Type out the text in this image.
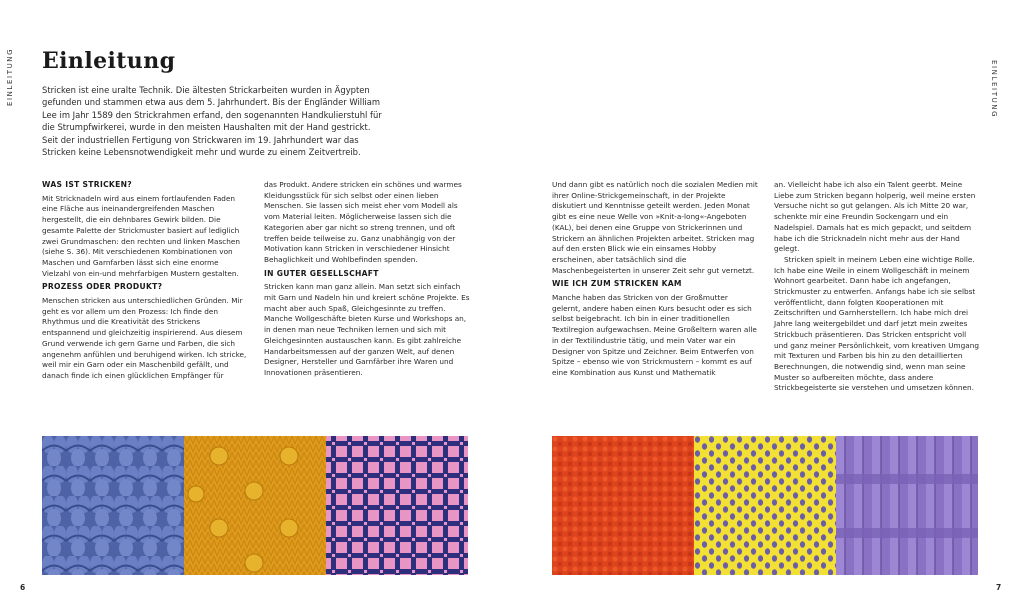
EINLEITUNG Einleitung

Stricken ist eine uralte Technik. Die ältesten Strickarbeiten wurden in Ägypten gefunden und stammen etwa aus dem 5. Jahrhundert. Bis der Engländer William Lee im Jahr 1589 den Strickrahmen erfand, den sogenannten Handkulierstuhl für die Strumpfwirkerei, wurde in den meisten Haushalten mit der Hand gestrickt. Seit der industriellen Fertigung von Strickwaren im 19. Jahrhundert war das Stricken keine Lebensnotwendigkeit mehr und wurde zu einem Zeitvertreib.

WAS IST STRICKEN?

Mit Stricknadeln wird aus einem fortlaufenden Faden eine Fläche aus ineinandergreifenden Maschen hergestellt, die ein dehnbares Gewirk bilden. Die gesamte Palette der Strickmuster basiert auf lediglich zwei Grundmaschen: den rechten und linken Maschen (siehe S. 36). Mit verschiedenen Kombinationen von Maschen und Garnfarben lässt sich eine enorme Vielzahl von ein-und mehrfarbigen Mustern gestalten.

PROZESS ODER PRODUKT?

Menschen stricken aus unterschiedlichen Gründen. Mir geht es vor allem um den Prozess: Ich finde den Rhythmus und die Kreativität des Strickens entspannend und gleichzeitig inspirierend. Aus diesem Grund verwende ich gern Garne und Farben, die sich angenehm anfühlen und beruhigend wirken. Ich stricke, weil mir ein Garn oder ein Maschenbild gefällt, und danach finde ich einen glücklichen Empfänger für

das Produkt. Andere stricken ein schönes und warmes Kleidungsstück für sich selbst oder einen lieben Menschen. Sie lassen sich meist eher vom Modell als vom Material leiten. Möglicherweise lassen sich die Kategorien aber gar nicht so streng trennen, und oft treffen beide teilweise zu. Ganz unabhängig von der Motivation kann Stricken in verschiedener Hinsicht Behaglichkeit und Wohlbefinden spenden.

IN GUTER GESELLSCHAFT

Stricken kann man ganz allein. Man setzt sich einfach mit Garn und Nadeln hin und kreiert schöne Projekte. Es macht aber auch Spaß, Gleichgesinnte zu treffen. Manche Wollgeschäfte bieten Kurse und Workshops an, in denen man neue Techniken lernen und sich mit Gleichgesinnten austauschen kann. Es gibt zahlreiche Handarbeitsmessen auf der ganzen Welt, auf denen Designer, Hersteller und Garnfärber ihre Waren und Innovationen präsentieren.

6
EINLEITUNG

Und dann gibt es natürlich noch die sozialen Medien mit ihrer Online-Strickgemeinschaft, in der Projekte diskutiert und Kenntnisse geteilt werden. Jeden Monat gibt es eine neue Welle von »Knit-a-long«-Angeboten (KAL), bei denen eine Gruppe von Strickerinnen und Strickern an ähnlichen Projekten arbeitet. Stricken mag auf den ersten Blick wie ein einsames Hobby erscheinen, aber tatsächlich sind die Maschenbegeisterten in unserer Zeit sehr gut vernetzt.

WIE ICH ZUM STRICKEN KAM

Manche haben das Stricken von der Großmutter gelernt, andere haben einen Kurs besucht oder es sich selbst beigebracht. Ich bin in einer traditionellen Textilregion aufgewachsen. Meine Großeltern waren alle in der Textilindustrie tätig, und mein Vater war ein Designer von Spitze und Zeichner. Beim Entwerfen von Spitze – ebenso wie von Strickmustern – kommt es auf eine Kombination aus Kunst und Mathematik

an. Vielleicht habe ich also ein Talent geerbt. Meine Liebe zum Stricken begann holperig, weil meine ersten Versuche nicht so gut gelangen. Als ich Mitte 20 war, schenkte mir eine Freundin Sockengarn und ein Nadelspiel. Damals hat es mich gepackt, und seitdem habe ich die Stricknadeln nicht mehr aus der Hand gelegt.

Stricken spielt in meinem Leben eine wichtige Rolle. Ich habe eine Weile in einem Wollgeschäft in meinem Wohnort gearbeitet. Dann habe ich angefangen, Strickmuster zu entwerfen. Anfangs habe ich sie selbst veröffentlicht, dann folgten Kooperationen mit Zeitschriften und Garnherstellern. Ich habe mich drei Jahre lang weitergebildet und darf jetzt mein zweites Strickbuch präsentieren. Das Stricken entspricht voll und ganz meiner Persönlichkeit, vom kreativen Umgang mit Texturen und Farben bis hin zu den detaillierten Berechnungen, die notwendig sind, wenn man seine Muster so aufbereiten möchte, dass andere Strickbegeisterte sie verstehen und umsetzen können.

7
